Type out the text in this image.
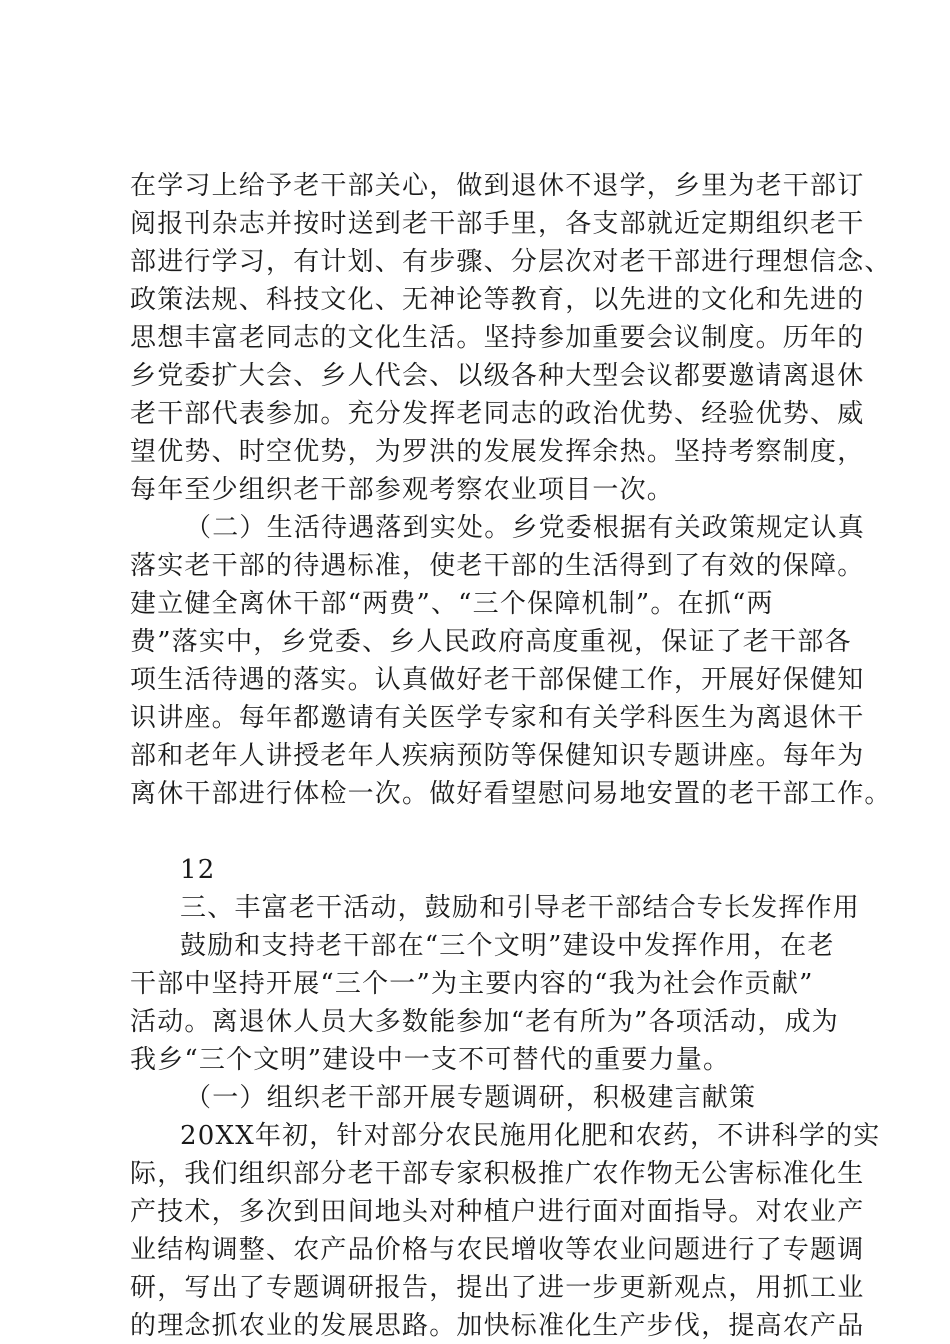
在学习上给予老干部关心，做到退休不退学，乡里为老干部订
阅报刊杂志并按时送到老干部手里，各支部就近定期组织老干
部进行学习，有计划、有步骤、分层次对老干部进行理想信念、
政策法规、科技文化、无神论等教育，以先进的文化和先进的
思想丰富老同志的文化生活。坚持参加重要会议制度。历年的
乡党委扩大会、乡人代会、以级各种大型会议都要邀请离退休
老干部代表参加。充分发挥老同志的政治优势、经验优势、威
望优势、时空优势，为罗洪的发展发挥余热。坚持考察制度，
每年至少组织老干部参观考察农业项目一次。
（二）生活待遇落到实处。乡党委根据有关政策规定认真
落实老干部的待遇标准，使老干部的生活得到了有效的保障。
建立健全离休干部“两费”、“三个保障机制”。在抓“两
费”落实中，乡党委、乡人民政府高度重视，保证了老干部各
项生活待遇的落实。认真做好老干部保健工作，开展好保健知
识讲座。每年都邀请有关医学专家和有关学科医生为离退休干
部和老年人讲授老年人疾病预防等保健知识专题讲座。每年为
离休干部进行体检一次。做好看望慰问易地安置的老干部工作。
12
三、丰富老干活动，鼓励和引导老干部结合专长发挥作用
鼓励和支持老干部在“三个文明”建设中发挥作用，在老
干部中坚持开展“三个一”为主要内容的“我为社会作贡献”
活动。离退休人员大多数能参加“老有所为”各项活动，成为
我乡“三个文明”建设中一支不可替代的重要力量。
（一）组织老干部开展专题调研，积极建言献策
20XX年初，针对部分农民施用化肥和农药，不讲科学的实
际，我们组织部分老干部专家积极推广农作物无公害标准化生
产技术，多次到田间地头对种植户进行面对面指导。对农业产
业结构调整、农产品价格与农民增收等农业问题进行了专题调
研，写出了专题调研报告，提出了进一步更新观点，用抓工业
的理念抓农业的发展思路。加快标准化生产步伐，提高农产品
